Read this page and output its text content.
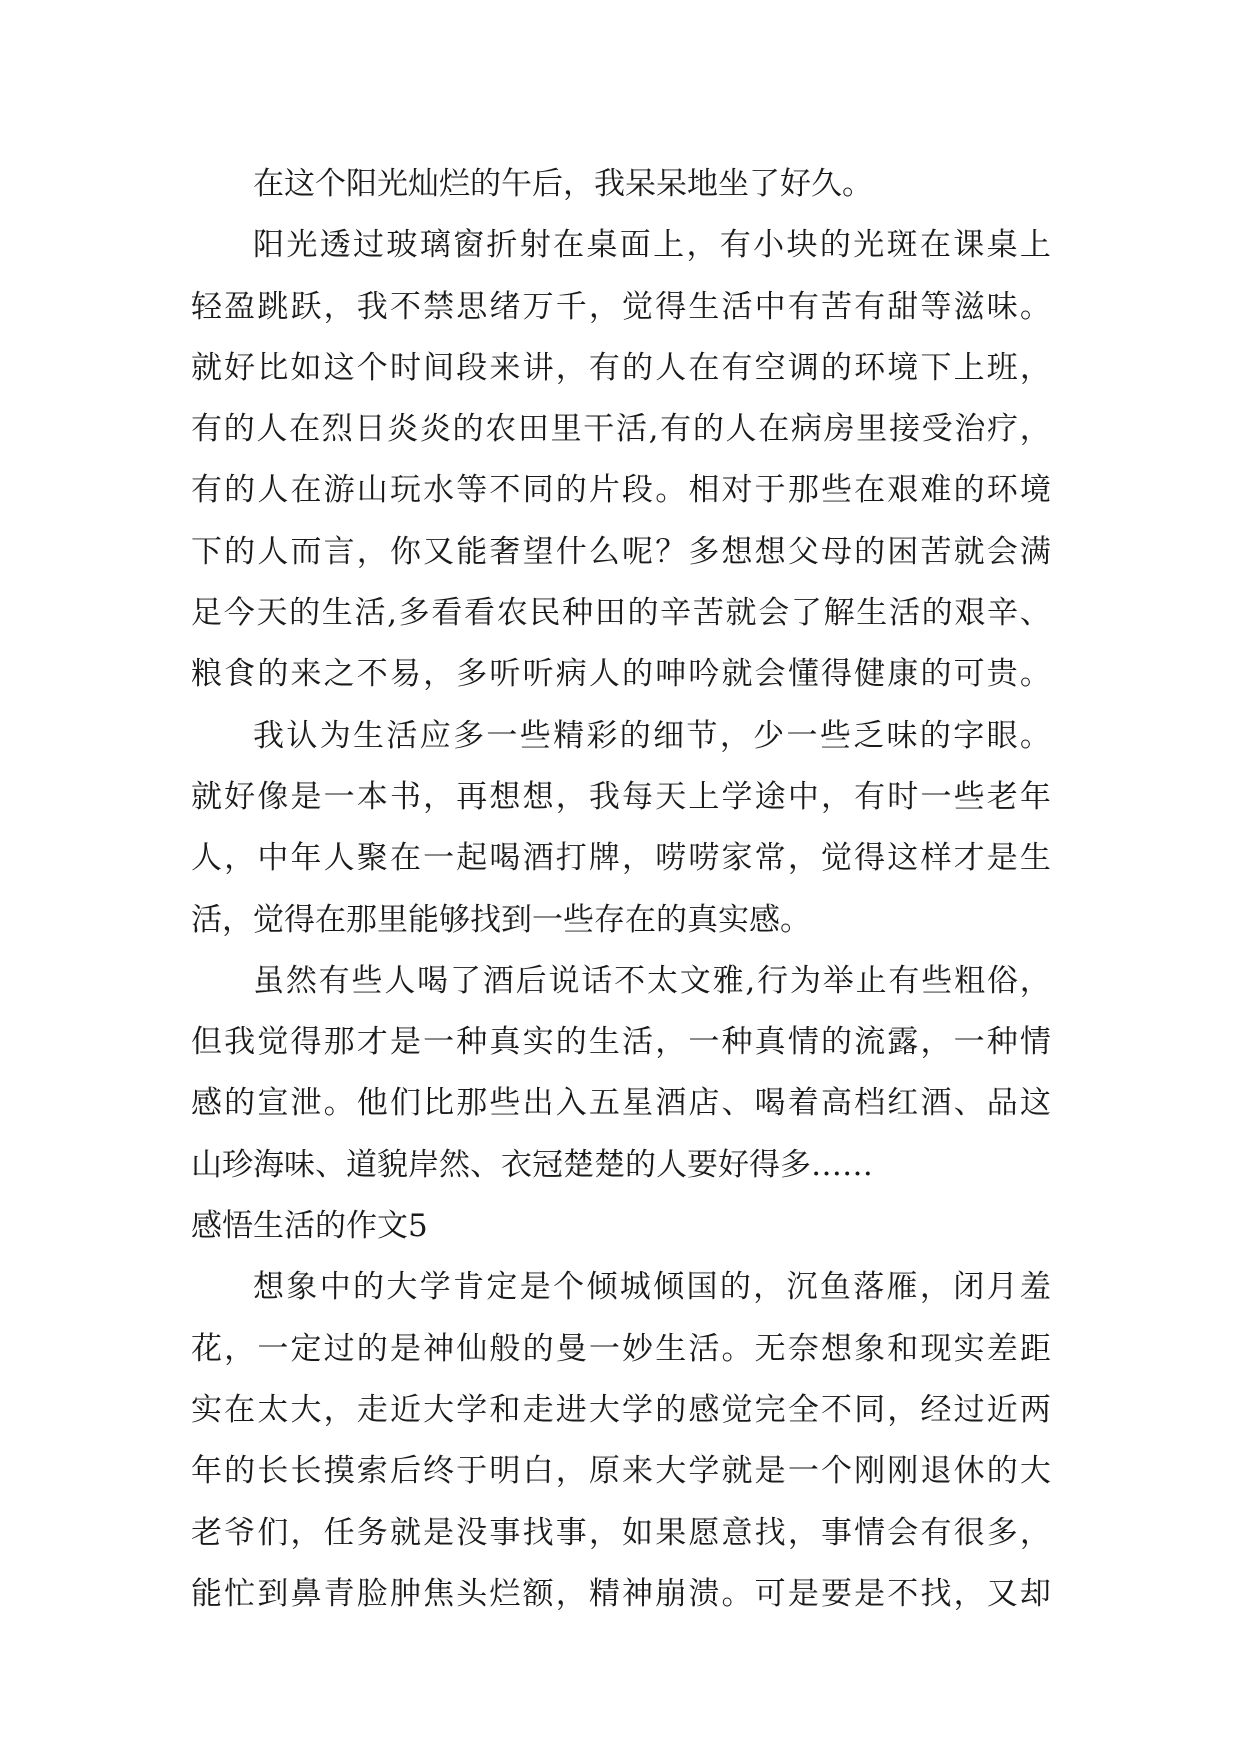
在这个阳光灿烂的午后，我呆呆地坐了好久。
阳 光 透 过 玻 璃 窗 折 射 在 桌 面 上 ， 有 小 块 的 光 斑 在 课 桌 上
轻 盈 跳 跃 ， 我 不 禁 思 绪 万 千 ， 觉 得 生 活 中 有 苦 有 甜 等 滋 味 。
就 好 比 如 这 个 时 间 段 来 讲 ， 有 的 人 在 有 空 调 的 环 境 下 上 班 ，
有 的 人 在 烈 日 炎 炎 的 农 田 里 干 活 , 有 的 人 在 病 房 里 接 受 治 疗 ，
有 的 人 在 游 山 玩 水 等 不 同 的 片 段 。 相 对 于 那 些 在 艰 难 的 环 境
下 的 人 而 言 ， 你 又 能 奢 望 什 么 呢 ？ 多 想 想 父 母 的 困 苦 就 会 满
足 今 天 的 生 活 , 多 看 看 农 民 种 田 的 辛 苦 就 会 了 解 生 活 的 艰 辛 、
粮 食 的 来 之 不 易 ， 多 听 听 病 人 的 呻 吟 就 会 懂 得 健 康 的 可 贵 。
我 认 为 生 活 应 多 一 些 精 彩 的 细 节 ， 少 一 些 乏 味 的 字 眼 。
就 好 像 是 一 本 书 ， 再 想 想 ， 我 每 天 上 学 途 中 ， 有 时 一 些 老 年
人 ， 中 年 人 聚 在 一 起 喝 酒 打 牌 ， 唠 唠 家 常 ， 觉 得 这 样 才 是 生
活，觉得在那里能够找到一些存在的真实感。
虽 然 有 些 人 喝 了 酒 后 说 话 不 太 文 雅 , 行 为 举 止 有 些 粗 俗 ，
但 我 觉 得 那 才 是 一 种 真 实 的 生 活 ， 一 种 真 情 的 流 露 ， 一 种 情
感 的 宣 泄 。 他 们 比 那 些 出 入 五 星 酒 店 、 喝 着 高 档 红 酒 、 品 这
山珍海味、道貌岸然、衣冠楚楚的人要好得多……
感悟生活的作文5
想 象 中 的 大 学 肯 定 是 个 倾 城 倾 国 的 ， 沉 鱼 落 雁 ， 闭 月 羞
花 ， 一 定 过 的 是 神 仙 般 的 曼 一 妙 生 活 。 无 奈 想 象 和 现 实 差 距
实 在 太 大 ， 走 近 大 学 和 走 进 大 学 的 感 觉 完 全 不 同 ， 经 过 近 两
年 的 长 长 摸 索 后 终 于 明 白 ， 原 来 大 学 就 是 一 个 刚 刚 退 休 的 大
老 爷 们 ， 任 务 就 是 没 事 找 事 ， 如 果 愿 意 找 ， 事 情 会 有 很 多 ，
能 忙 到 鼻 青 脸 肿 焦 头 烂 额 ， 精 神 崩 溃 。 可 是 要 是 不 找 ， 又 却
